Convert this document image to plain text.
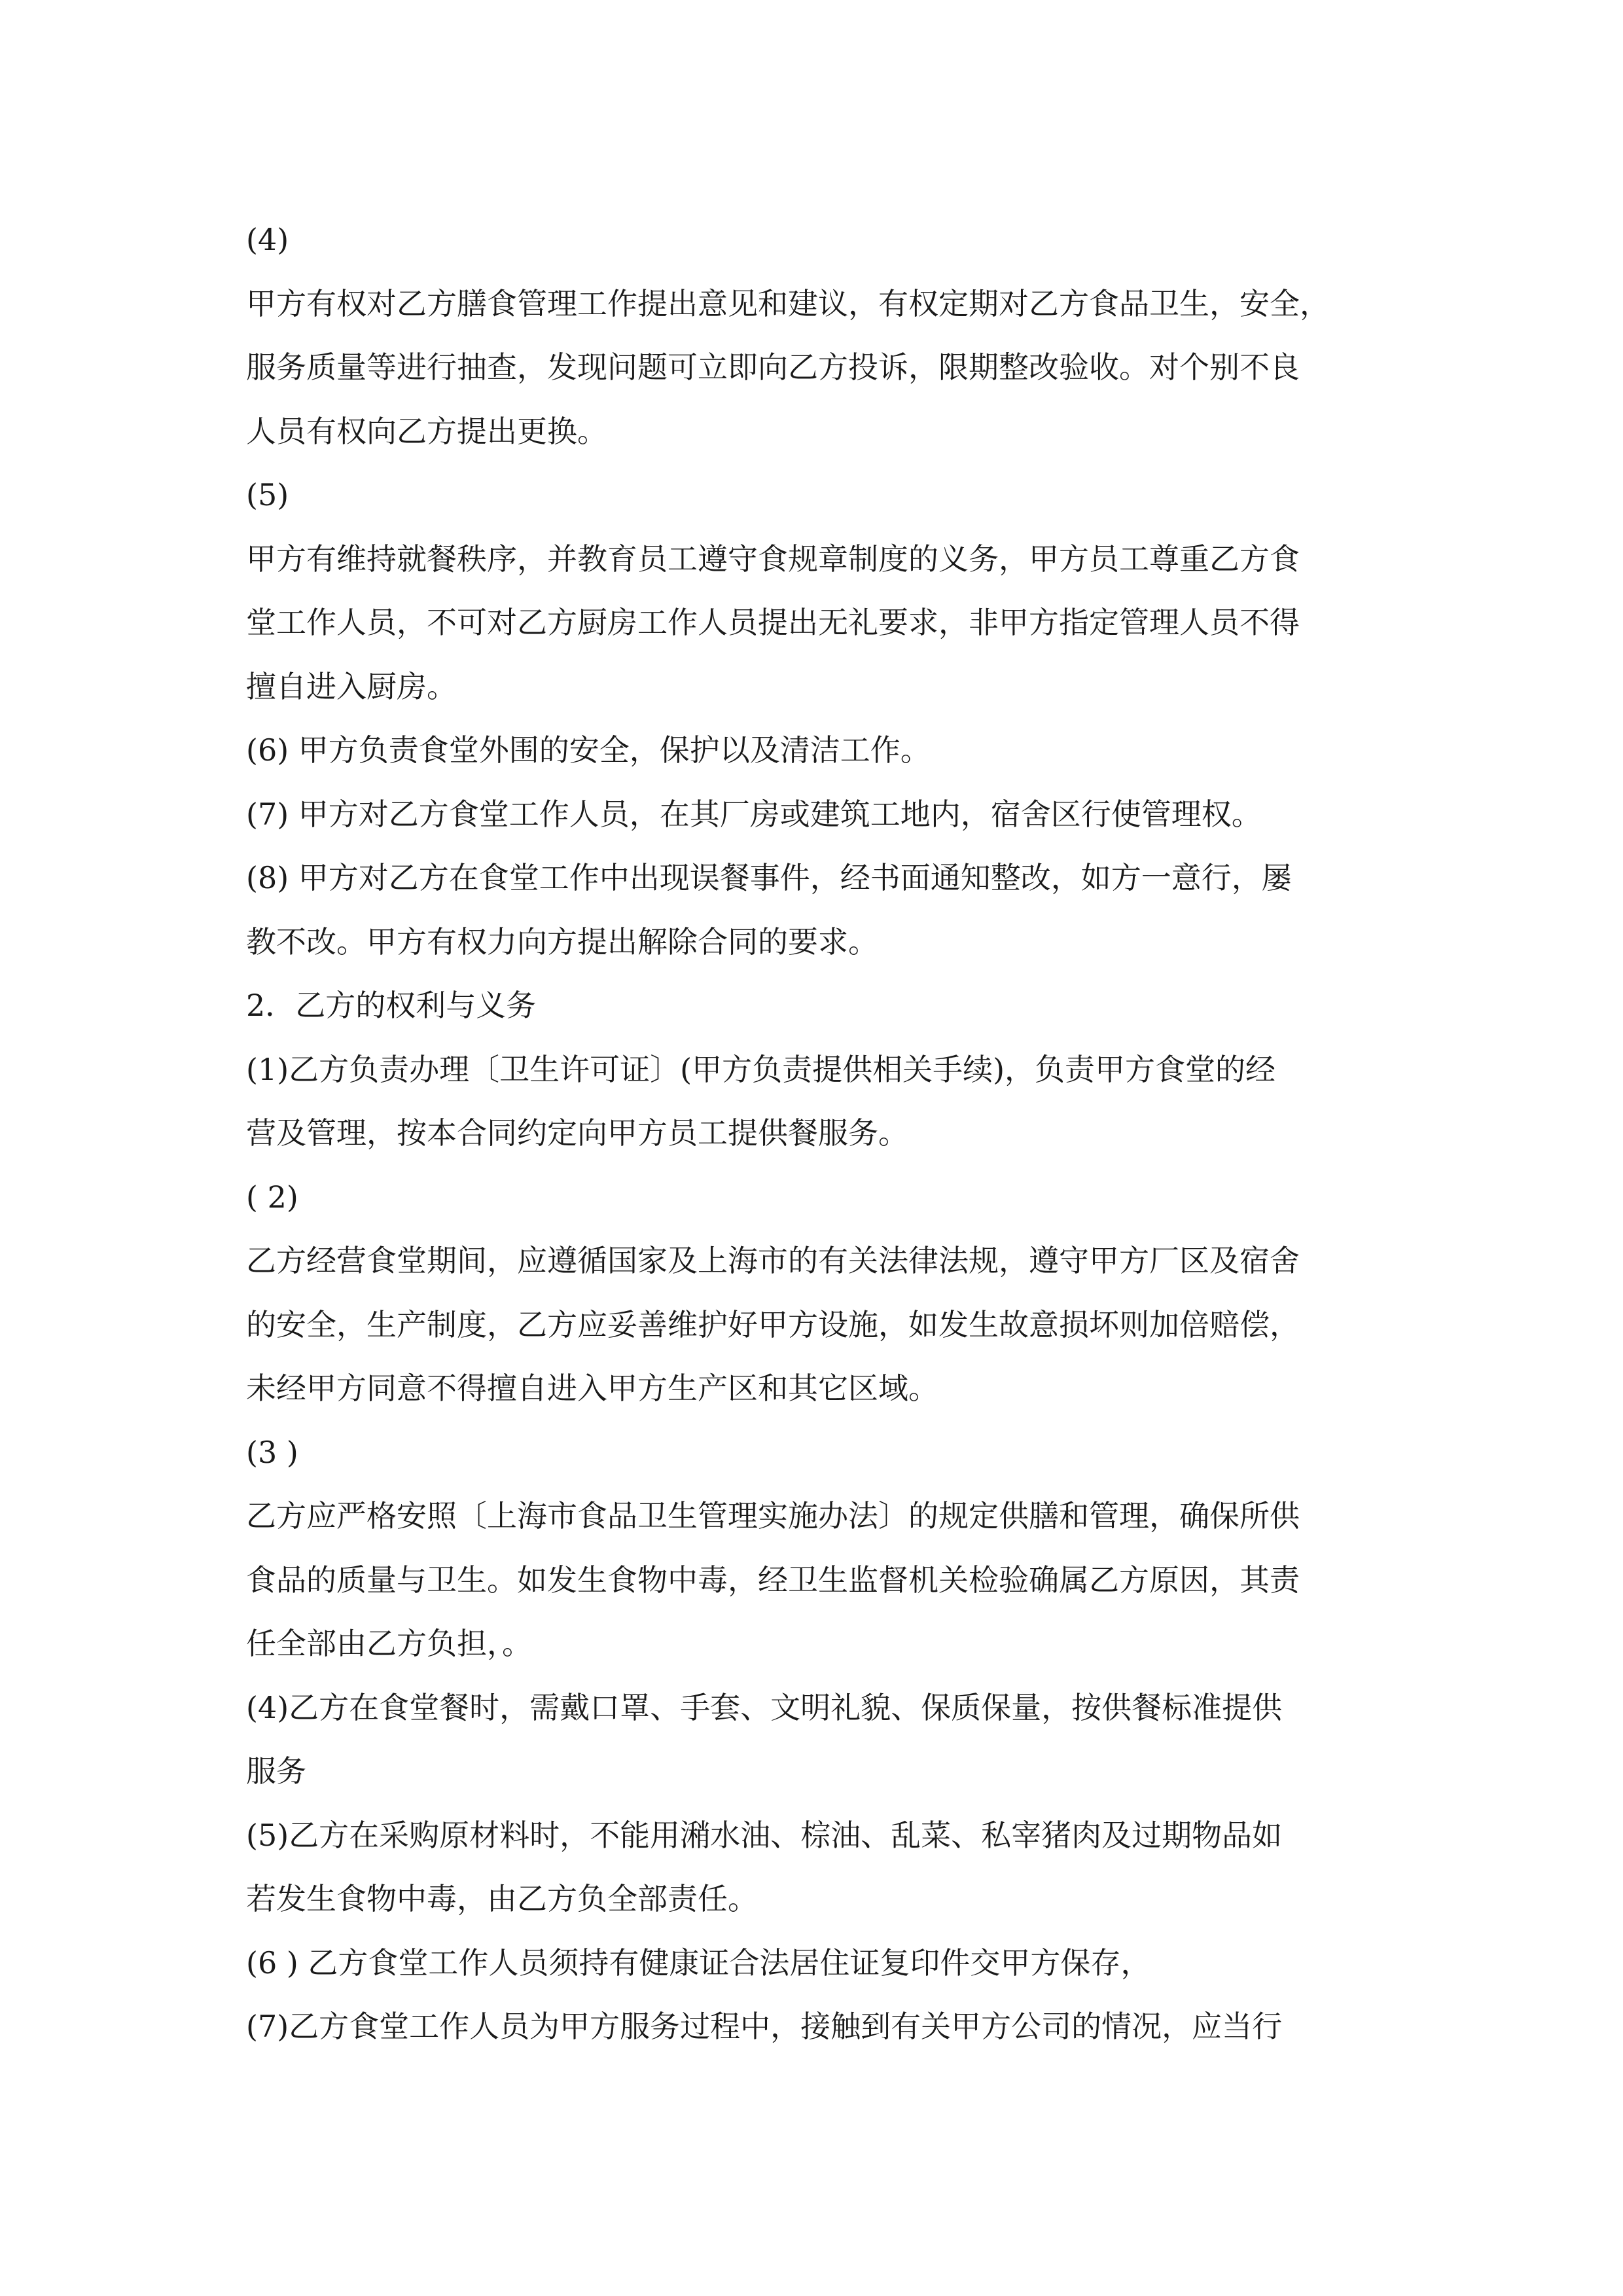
(4)
甲方有权对乙方膳食管理工作提出意见和建议，有权定期对乙方食品卫生，安全，
服务质量等进行抽查，发现问题可立即向乙方投诉，限期整改验收。对个别不良
人员有权向乙方提出更换。
(5)
甲方有维持就餐秩序，并教育员工遵守食规章制度的义务，甲方员工尊重乙方食
堂工作人员，不可对乙方厨房工作人员提出无礼要求，非甲方指定管理人员不得
擅自进入厨房。
(6) 甲方负责食堂外围的安全，保护以及清洁工作。
(7) 甲方对乙方食堂工作人员，在其厂房或建筑工地内，宿舍区行使管理权。
(8) 甲方对乙方在食堂工作中出现误餐事件，经书面通知整改，如方一意行，屡
教不改。甲方有权力向方提出解除合同的要求。
2．乙方的权利与义务
(1)乙方负责办理〔卫生许可证〕(甲方负责提供相关手续)，负责甲方食堂的经
营及管理，按本合同约定向甲方员工提供餐服务。
( 2)
乙方经营食堂期间，应遵循国家及上海市的有关法律法规，遵守甲方厂区及宿舍
的安全，生产制度，乙方应妥善维护好甲方设施，如发生故意损坏则加倍赔偿，
未经甲方同意不得擅自进入甲方生产区和其它区域。
(3 )
乙方应严格安照〔上海市食品卫生管理实施办法〕的规定供膳和管理，确保所供
食品的质量与卫生。如发生食物中毒，经卫生监督机关检验确属乙方原因，其责
任全部由乙方负担，。
(4)乙方在食堂餐时，需戴口罩、手套、文明礼貌、保质保量，按供餐标准提供
服务
(5)乙方在采购原材料时，不能用潲水油、棕油、乱菜、私宰猪肉及过期物品如
若发生食物中毒，由乙方负全部责任。
(6 ) 乙方食堂工作人员须持有健康证合法居住证复印件交甲方保存，
(7)乙方食堂工作人员为甲方服务过程中，接触到有关甲方公司的情况，应当行
